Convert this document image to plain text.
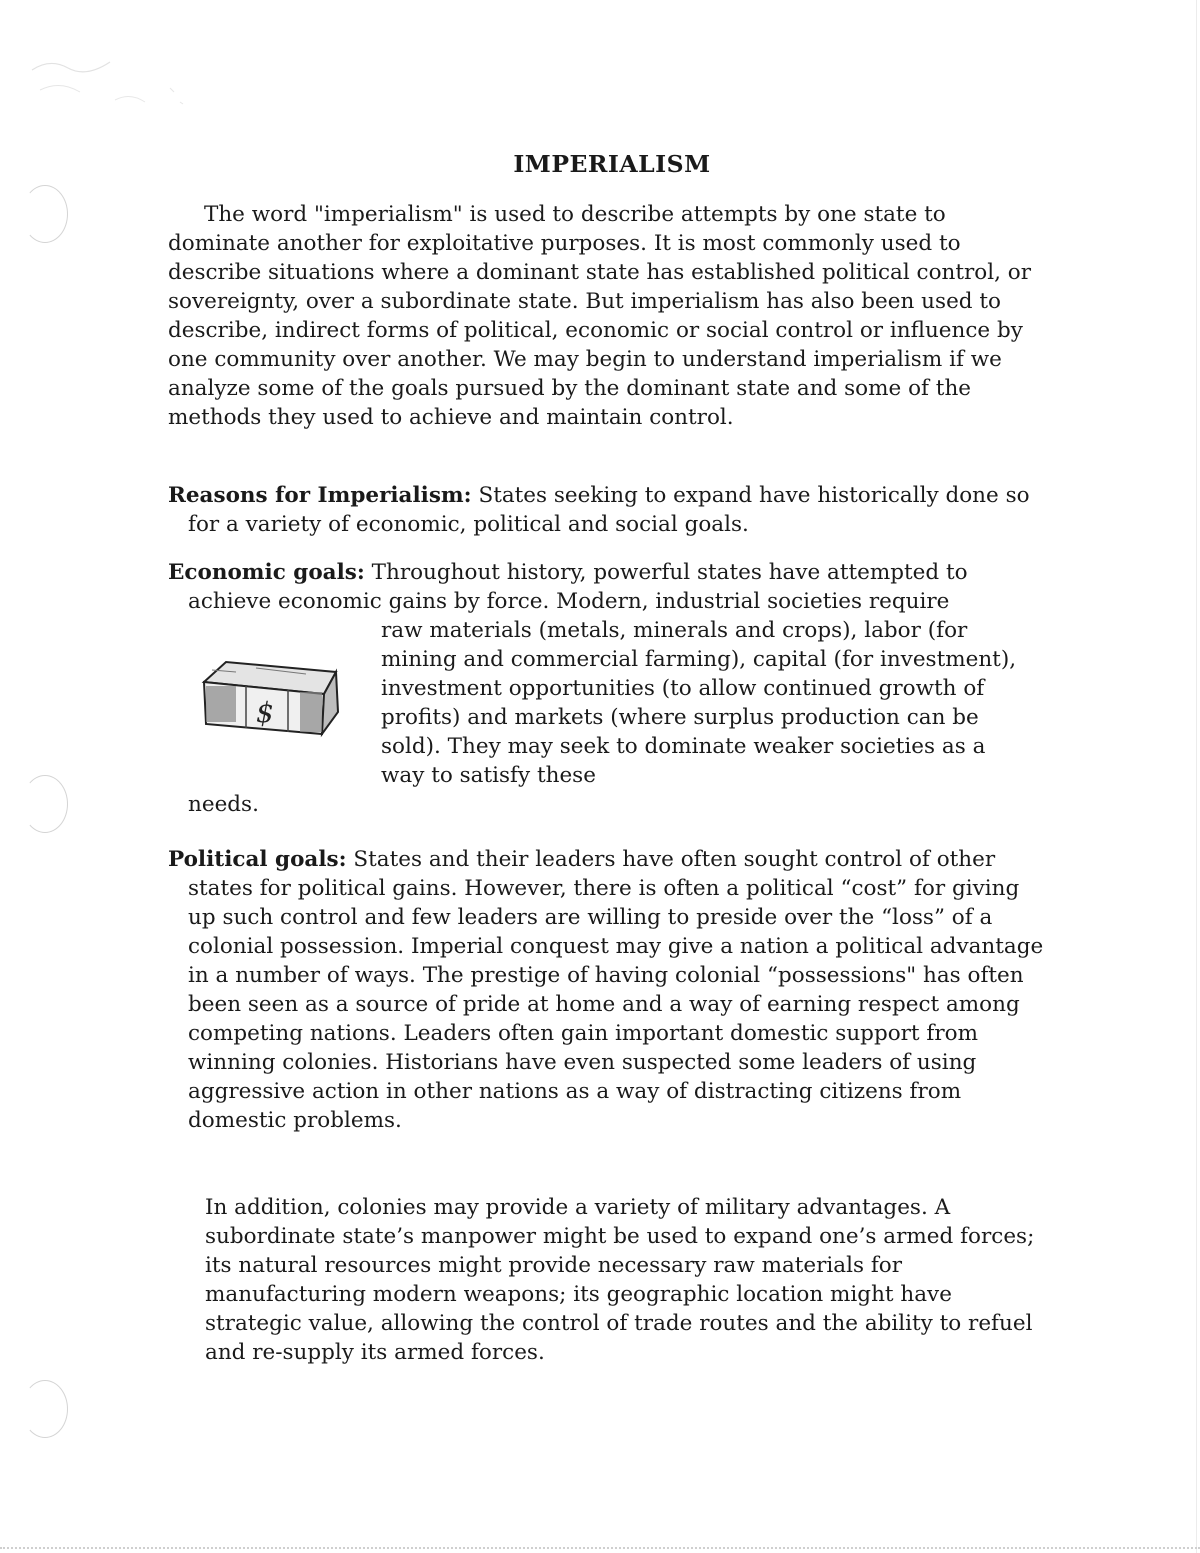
IMPERIALISM

The word "imperialism" is used to describe attempts by one state to dominate another for exploitative purposes. It is most commonly used to describe situations where a dominant state has established political control, or sovereignty, over a subordinate state. But imperialism has also been used to describe, indirect forms of political, economic or social control or influence by one community over another. We may begin to understand imperialism if we analyze some of the goals pursued by the dominant state and some of the methods they used to achieve and maintain control.

Reasons for Imperialism: States seeking to expand have historically done so for a variety of economic, political and social goals.

Economic goals: Throughout history, powerful states have attempted to achieve economic gains by force. Modern, industrial societies require

$

raw materials (metals, minerals and crops), labor (for mining and commercial farming), capital (for investment), investment opportunities (to allow continued growth of profits) and markets (where surplus production can be sold). They may seek to dominate weaker societies as a way to satisfy these

needs.

Political goals: States and their leaders have often sought control of other states for political gains. However, there is often a political “cost” for giving up such control and few leaders are willing to preside over the “loss” of a colonial possession. Imperial conquest may give a nation a political advantage in a number of ways. The prestige of having colonial “possessions" has often been seen as a source of pride at home and a way of earning respect among competing nations. Leaders often gain important domestic support from winning colonies. Historians have even suspected some leaders of using aggressive action in other nations as a way of distracting citizens from domestic problems.

In addition, colonies may provide a variety of military advantages. A subordinate state’s manpower might be used to expand one’s armed forces; its natural resources might provide necessary raw materials for manufacturing modern weapons; its geographic location might have strategic value, allowing the control of trade routes and the ability to refuel and re-supply its armed forces.
